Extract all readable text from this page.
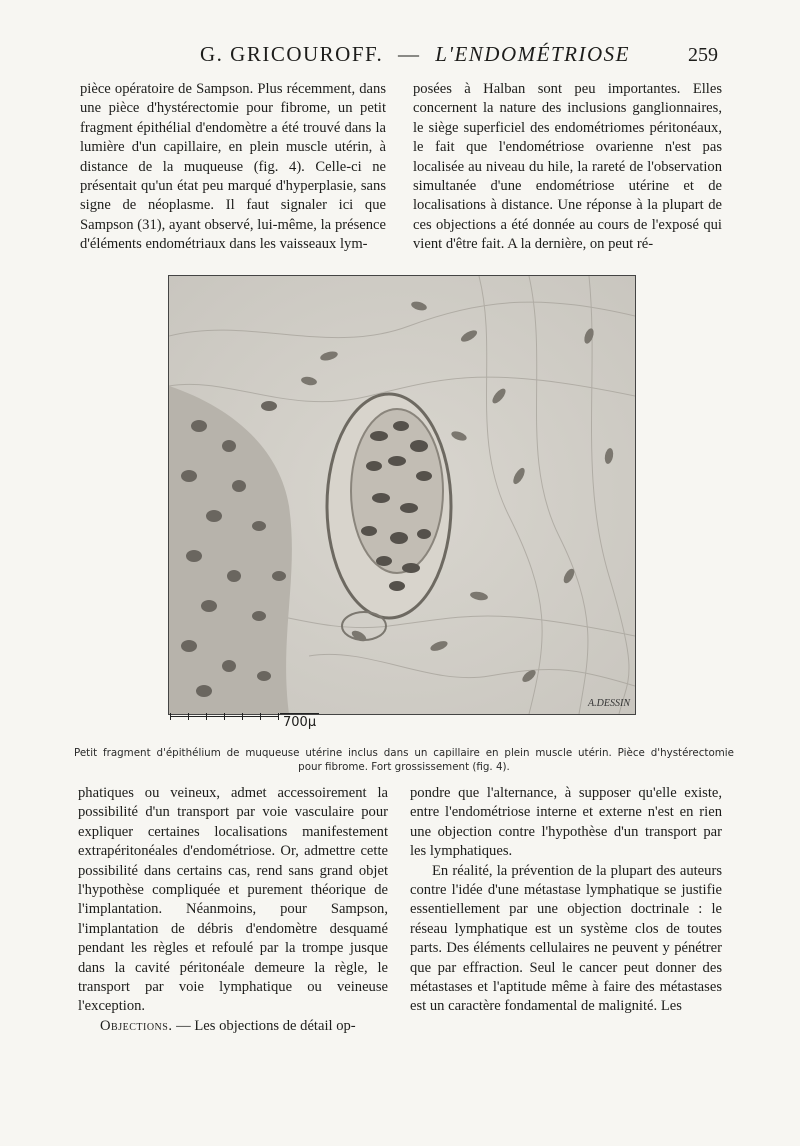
G. GRICOUROFF. — L'ENDOMÉTRIOSE	259

pièce opératoire de Sampson. Plus récemment, dans une pièce d'hystérectomie pour fibrome, un petit fragment épithélial d'endomètre a été trouvé dans la lumière d'un capillaire, en plein muscle utérin, à distance de la muqueuse (fig. 4). Celle-ci ne présentait qu'un état peu marqué d'hyperplasie, sans signe de néoplasme. Il faut signaler ici que Sampson (31), ayant observé, lui-même, la présence d'éléments endométriaux dans les vaisseaux lym-

posées à Halban sont peu importantes. Elles concernent la nature des inclusions ganglionnaires, le siège superficiel des endométriomes péritonéaux, le fait que l'endométriose ovarienne n'est pas localisée au niveau du hile, la rareté de l'observation simultanée d'une endométriose utérine et de localisations à distance. Une réponse à la plupart de ces objections a été donnée au cours de l'exposé qui vient d'être fait. A la dernière, on peut ré-

700μ
A.DESSIN
Petit fragment d'épithélium de muqueuse utérine inclus dans un capillaire en plein muscle utérin. Pièce d'hystérectomie
pour fibrome. Fort grossissement (fig. 4).

phatiques ou veineux, admet accessoirement la possibilité d'un transport par voie vasculaire pour expliquer certaines localisations manifestement extrapéritonéales d'endométriose. Or, admettre cette possibilité dans certains cas, rend sans grand objet l'hypothèse compliquée et purement théorique de l'implantation. Néanmoins, pour Sampson, l'implantation de débris d'endomètre desquamé pendant les règles et refoulé par la trompe jusque dans la cavité péritonéale demeure la règle, le transport par voie lymphatique ou veineuse l'exception.

Objections. — Les objections de détail op-

pondre que l'alternance, à supposer qu'elle existe, entre l'endométriose interne et externe n'est en rien une objection contre l'hypothèse d'un transport par les lymphatiques.

En réalité, la prévention de la plupart des auteurs contre l'idée d'une métastase lymphatique se justifie essentiellement par une objection doctrinale : le réseau lymphatique est un système clos de toutes parts. Des éléments cellulaires ne peuvent y pénétrer que par effraction. Seul le cancer peut donner des métastases et l'aptitude même à faire des métastases est un caractère fondamental de malignité. Les
